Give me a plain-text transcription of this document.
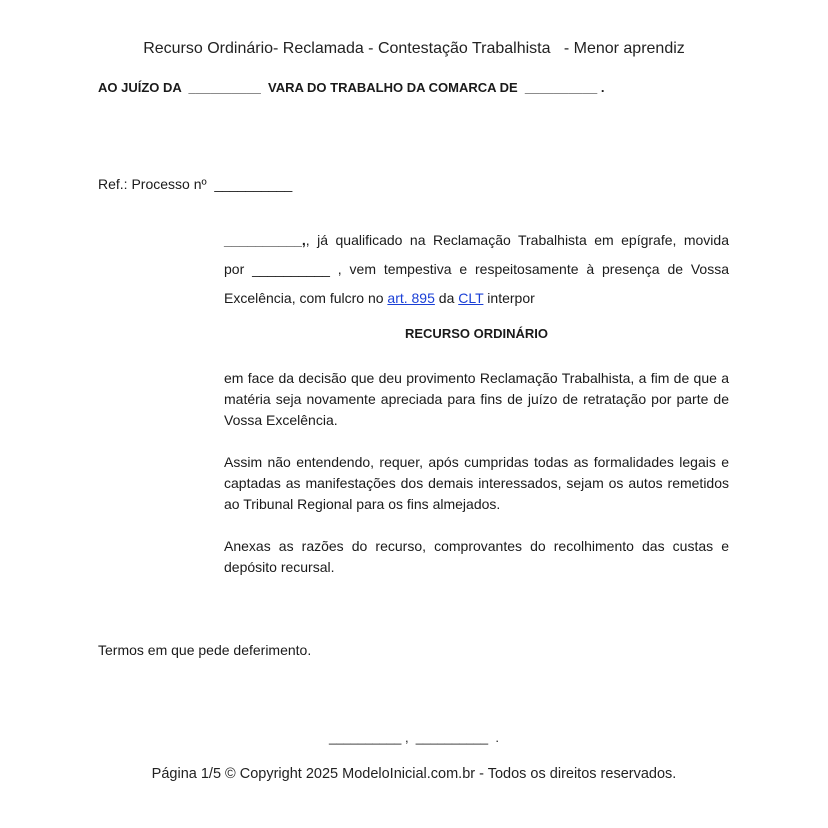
Recurso Ordinário- Reclamada - Contestação Trabalhista   - Menor aprendiz
AO JUÍZO DA  __________  VARA DO TRABALHO DA COMARCA DE  __________ .
Ref.: Processo nº  __________
__________,, já qualificado na Reclamação Trabalhista em epígrafe, movida
por __________ , vem tempestiva e respeitosamente à presença de Vossa
Excelência, com fulcro no art. 895 da CLT interpor
RECURSO ORDINÁRIO
em face da decisão que deu provimento Reclamação Trabalhista, a fim de que a matéria seja novamente apreciada para fins de juízo de retratação por parte de Vossa Excelência.
Assim não entendendo, requer, após cumpridas todas as formalidades legais e captadas as manifestações dos demais interessados, sejam os autos remetidos ao Tribunal Regional para os fins almejados.
Anexas as razões do recurso, comprovantes do recolhimento das custas e depósito recursal.
Termos em que pede deferimento.
__________ ,  __________  .
Página 1/5 © Copyright 2025 ModeloInicial.com.br - Todos os direitos reservados.
